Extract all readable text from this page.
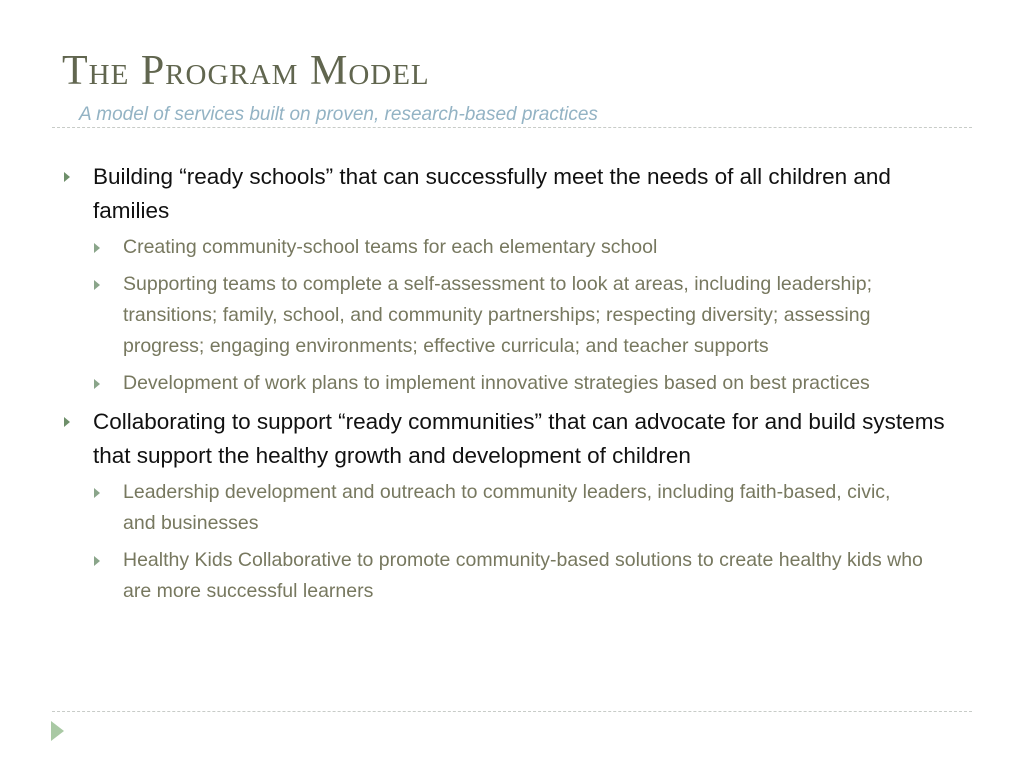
The Program Model
A model of services built on proven, research-based practices
Building “ready schools” that can successfully meet the needs of all children and families
Creating community-school teams for each elementary school
Supporting teams to complete a self-assessment to look at areas, including leadership; transitions; family, school, and community partnerships; respecting diversity; assessing progress; engaging environments; effective curricula; and teacher supports
Development of work plans to implement innovative strategies based on best practices
Collaborating to support “ready communities” that can advocate for and build systems that support the healthy growth and development of children
Leadership development and outreach to community leaders, including faith-based, civic, and businesses
Healthy Kids Collaborative to promote community-based solutions to create healthy kids who are more successful learners
